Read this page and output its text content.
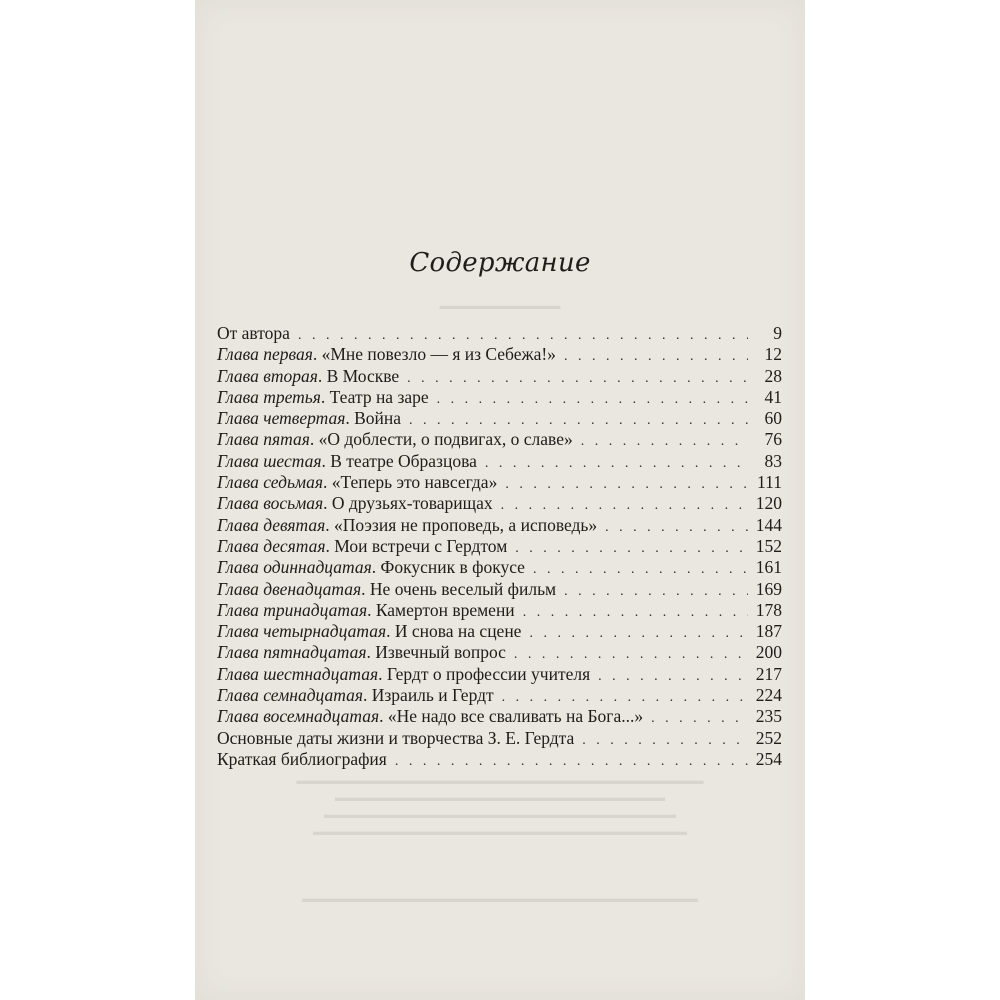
Содержание
От автора . . .	9
Глава первая. «Мне повезло — я из Себежа!» . . .	12
Глава вторая. В Москве . . .	28
Глава третья. Театр на заре . . .	41
Глава четвертая. Война . . .	60
Глава пятая. «О доблести, о подвигах, о славе» . . .	76
Глава шестая. В театре Образцова . . .	83
Глава седьмая. «Теперь это навсегда» . . .	111
Глава восьмая. О друзьях-товарищах . . .	120
Глава девятая. «Поэзия не проповедь, а исповедь» . . .	144
Глава десятая. Мои встречи с Гердтом . . .	152
Глава одиннадцатая. Фокусник в фокусе . . .	161
Глава двенадцатая. Не очень веселый фильм . . .	169
Глава тринадцатая. Камертон времени . . .	178
Глава четырнадцатая. И снова на сцене . . .	187
Глава пятнадцатая. Извечный вопрос . . .	200
Глава шестнадцатая. Гердт о профессии учителя . . .	217
Глава семнадцатая. Израиль и Гердт . . .	224
Глава восемнадцатая. «Не надо все сваливать на Бога...» . . .	235
Основные даты жизни и творчества З. Е. Гердта . . .	252
Краткая библиография . . .	254
▬▬▬▬▬▬▬▬▬▬▬
▬▬▬▬▬▬▬▬▬▬▬▬▬▬▬▬▬▬▬▬▬▬▬▬▬▬▬▬▬▬▬▬▬▬▬▬▬
▬▬▬▬▬▬▬▬▬▬▬▬▬▬▬▬▬▬▬▬▬▬▬▬▬▬▬▬▬▬
▬▬▬▬▬▬▬▬▬▬▬▬▬▬▬▬▬▬▬▬▬▬▬▬▬▬▬▬▬▬▬▬
▬▬▬▬▬▬▬▬▬▬▬▬▬▬▬▬▬▬▬▬▬▬▬▬▬▬▬▬▬▬▬▬▬▬
▬▬▬▬▬▬▬▬▬▬▬▬▬▬▬▬▬▬▬▬▬▬▬▬▬▬▬▬▬▬▬▬▬▬▬▬
